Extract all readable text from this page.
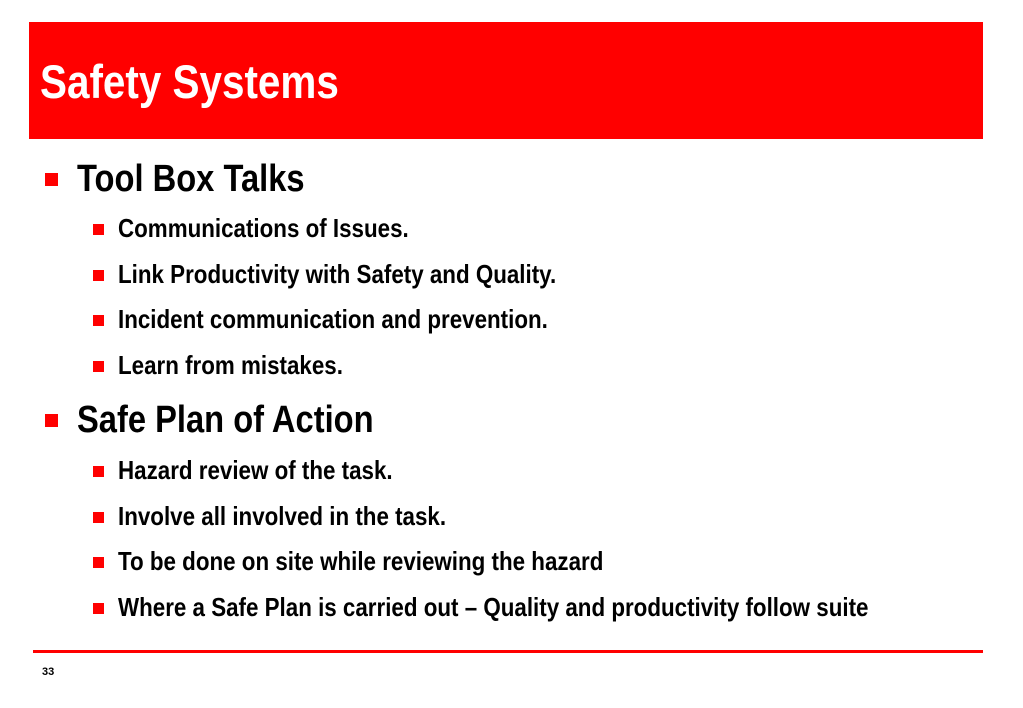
Safety Systems
Tool Box Talks
Communications of Issues.
Link Productivity with Safety and Quality.
Incident communication and prevention.
Learn from mistakes.
Safe Plan of Action
Hazard review of the task.
Involve all involved in the task.
To be done on site while reviewing the hazard
Where a Safe Plan is carried out – Quality and productivity follow suite
33
